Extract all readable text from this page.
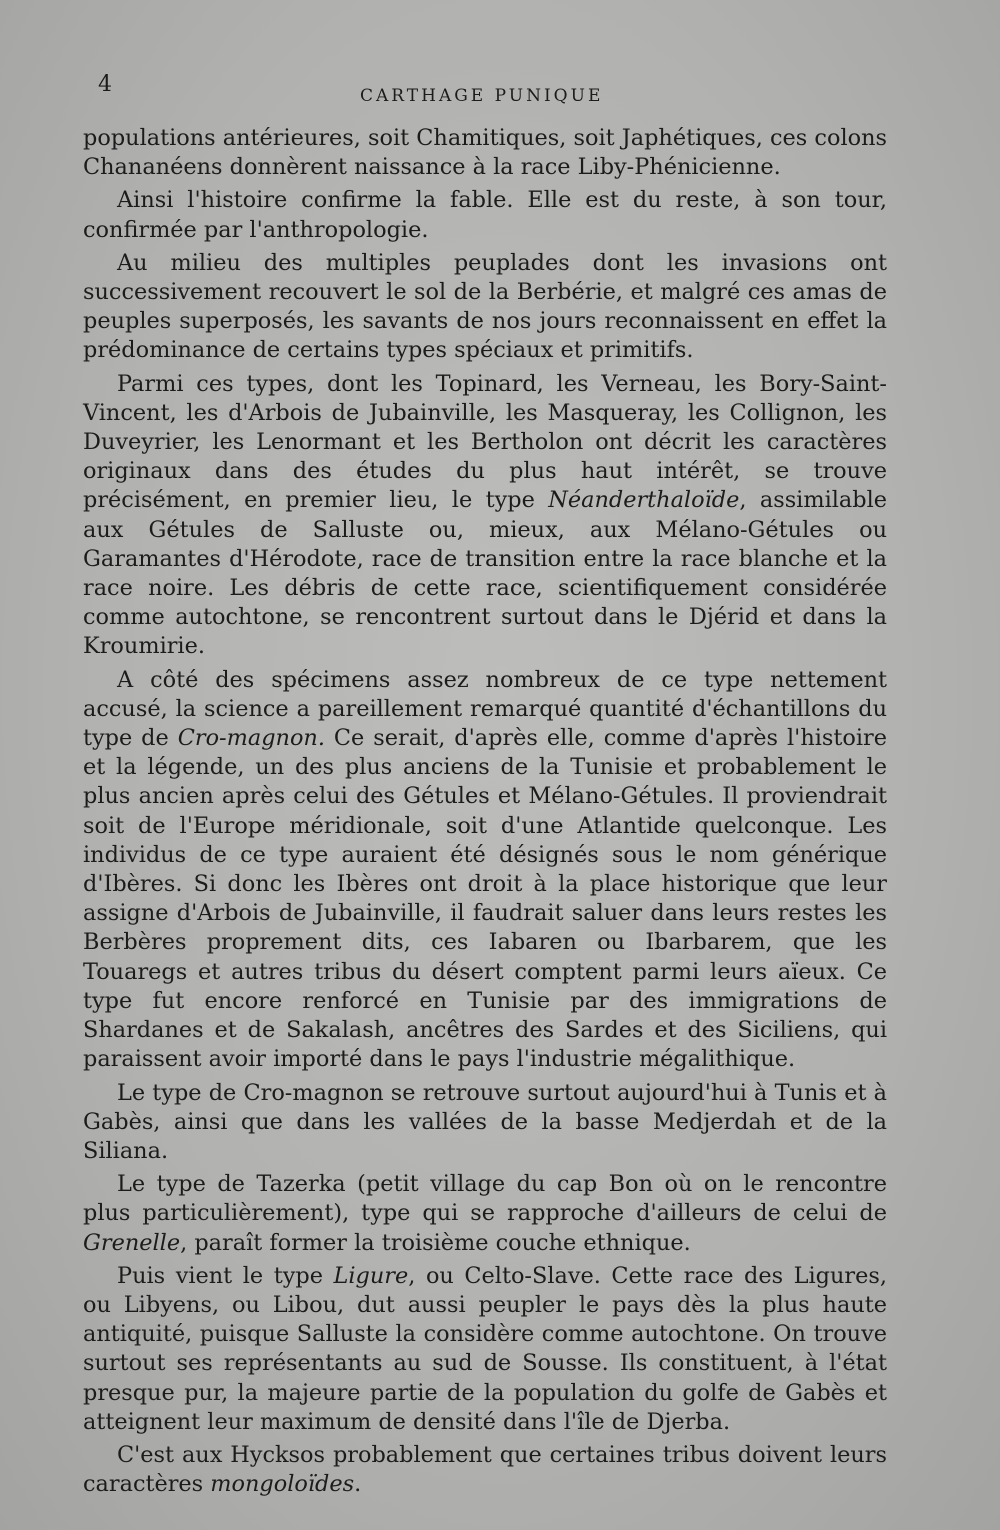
4	CARTHAGE PUNIQUE

populations antérieures, soit Chamitiques, soit Japhétiques, ces colons Chananéens donnèrent naissance à la race Liby-Phénicienne.

Ainsi l'histoire confirme la fable. Elle est du reste, à son tour, confirmée par l'anthropologie.

Au milieu des multiples peuplades dont les invasions ont successivement recouvert le sol de la Berbérie, et malgré ces amas de peuples superposés, les savants de nos jours reconnaissent en effet la prédominance de certains types spéciaux et primitifs.

Parmi ces types, dont les Topinard, les Verneau, les Bory-Saint-Vincent, les d'Arbois de Jubainville, les Masqueray, les Collignon, les Duveyrier, les Lenormant et les Bertholon ont décrit les caractères originaux dans des études du plus haut intérêt, se trouve précisément, en premier lieu, le type Néanderthaloïde, assimilable aux Gétules de Salluste ou, mieux, aux Mélano-Gétules ou Garamantes d'Hérodote, race de transition entre la race blanche et la race noire. Les débris de cette race, scientifiquement considérée comme autochtone, se rencontrent surtout dans le Djérid et dans la Kroumirie.

A côté des spécimens assez nombreux de ce type nettement accusé, la science a pareillement remarqué quantité d'échantillons du type de Cro-magnon. Ce serait, d'après elle, comme d'après l'histoire et la légende, un des plus anciens de la Tunisie et probablement le plus ancien après celui des Gétules et Mélano-Gétules. Il proviendrait soit de l'Europe méridionale, soit d'une Atlantide quelconque. Les individus de ce type auraient été désignés sous le nom générique d'Ibères. Si donc les Ibères ont droit à la place historique que leur assigne d'Arbois de Jubainville, il faudrait saluer dans leurs restes les Berbères proprement dits, ces Iabaren ou Ibarbarem, que les Touaregs et autres tribus du désert comptent parmi leurs aïeux. Ce type fut encore renforcé en Tunisie par des immigrations de Shardanes et de Sakalash, ancêtres des Sardes et des Siciliens, qui paraissent avoir importé dans le pays l'industrie mégalithique.

Le type de Cro-magnon se retrouve surtout aujourd'hui à Tunis et à Gabès, ainsi que dans les vallées de la basse Medjerdah et de la Siliana.

Le type de Tazerka (petit village du cap Bon où on le rencontre plus particulièrement), type qui se rapproche d'ailleurs de celui de Grenelle, paraît former la troisième couche ethnique.

Puis vient le type Ligure, ou Celto-Slave. Cette race des Ligures, ou Libyens, ou Libou, dut aussi peupler le pays dès la plus haute antiquité, puisque Salluste la considère comme autochtone. On trouve surtout ses représentants au sud de Sousse. Ils constituent, à l'état presque pur, la majeure partie de la population du golfe de Gabès et atteignent leur maximum de densité dans l'île de Djerba.

C'est aux Hycksos probablement que certaines tribus doivent leurs caractères mongoloïdes.
